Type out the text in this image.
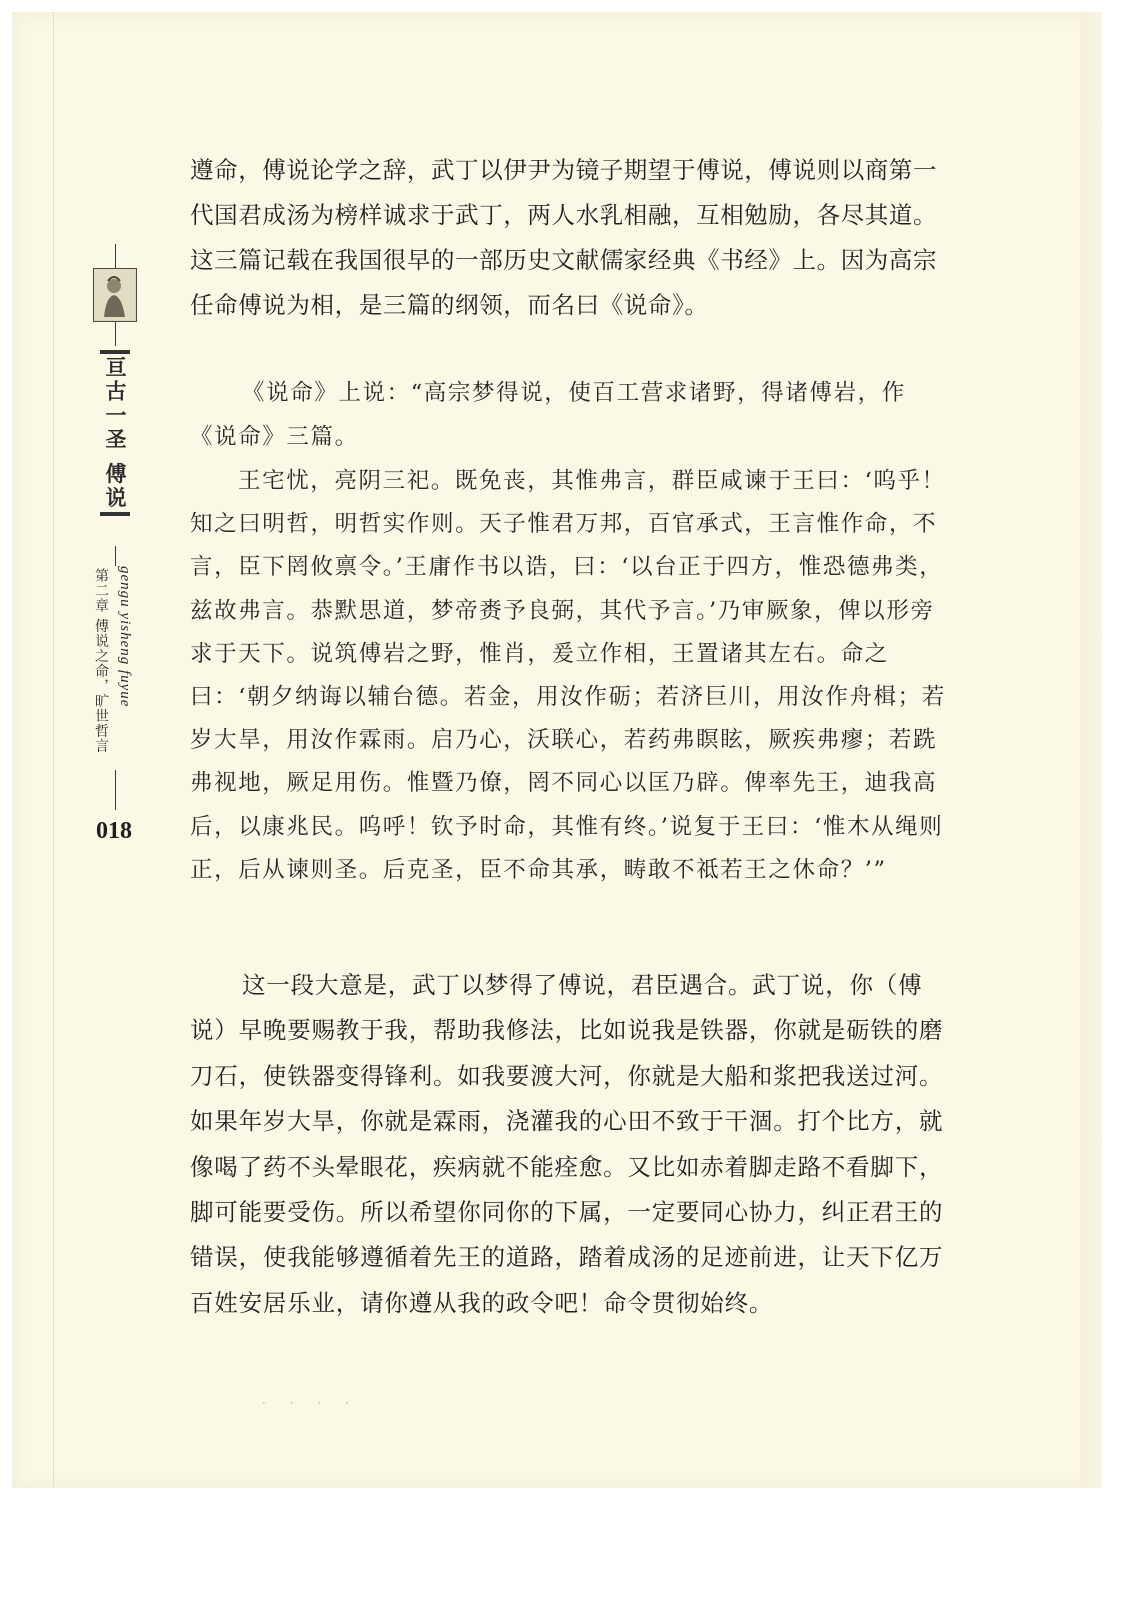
亘古一圣 傅说
第二章 傅说之命，旷世哲言 gengu yisheng fuyue

018

遵命，傅说论学之辞，武丁以伊尹为镜子期望于傅说，傅说则以商第一代国君成汤为榜样诚求于武丁，两人水乳相融，互相勉励，各尽其道。这三篇记载在我国很早的一部历史文献儒家经典《书经》上。因为高宗任命傅说为相，是三篇的纲领，而名曰《说命》。

《说命》上说：“高宗梦得说，使百工营求诸野，得诸傅岩，作《说命》三篇。

王宅忧，亮阴三祀。既免丧，其惟弗言，群臣咸谏于王曰：‘呜乎！知之曰明哲，明哲实作则。天子惟君万邦，百官承式，王言惟作命，不言，臣下罔攸禀令。’王庸作书以诰，曰：‘以台正于四方，惟恐德弗类，兹故弗言。恭默思道，梦帝赉予良弼，其代予言。’乃审厥象，俾以形旁求于天下。说筑傅岩之野，惟肖，爰立作相，王置诸其左右。命之曰：‘朝夕纳诲以辅台德。若金，用汝作砺；若济巨川，用汝作舟楫；若岁大旱，用汝作霖雨。启乃心，沃联心，若药弗瞑眩，厥疾弗瘳；若跣弗视地，厥足用伤。惟暨乃僚，罔不同心以匡乃辟。俾率先王，迪我高后，以康兆民。呜呼！钦予时命，其惟有终。’说复于王曰：‘惟木从绳则正，后从谏则圣。后克圣，臣不命其承，畴敢不祗若王之休命？’”

这一段大意是，武丁以梦得了傅说，君臣遇合。武丁说，你（傅说）早晚要赐教于我，帮助我修法，比如说我是铁器，你就是砺铁的磨刀石，使铁器变得锋利。如我要渡大河，你就是大船和浆把我送过河。如果年岁大旱，你就是霖雨，浇灌我的心田不致于干涸。打个比方，就像喝了药不头晕眼花，疾病就不能痊愈。又比如赤着脚走路不看脚下，脚可能要受伤。所以希望你同你的下属，一定要同心协力，纠正君王的错误，使我能够遵循着先王的道路，踏着成汤的足迹前进，让天下亿万百姓安居乐业，请你遵从我的政令吧！命令贯彻始终。

· · · ·
